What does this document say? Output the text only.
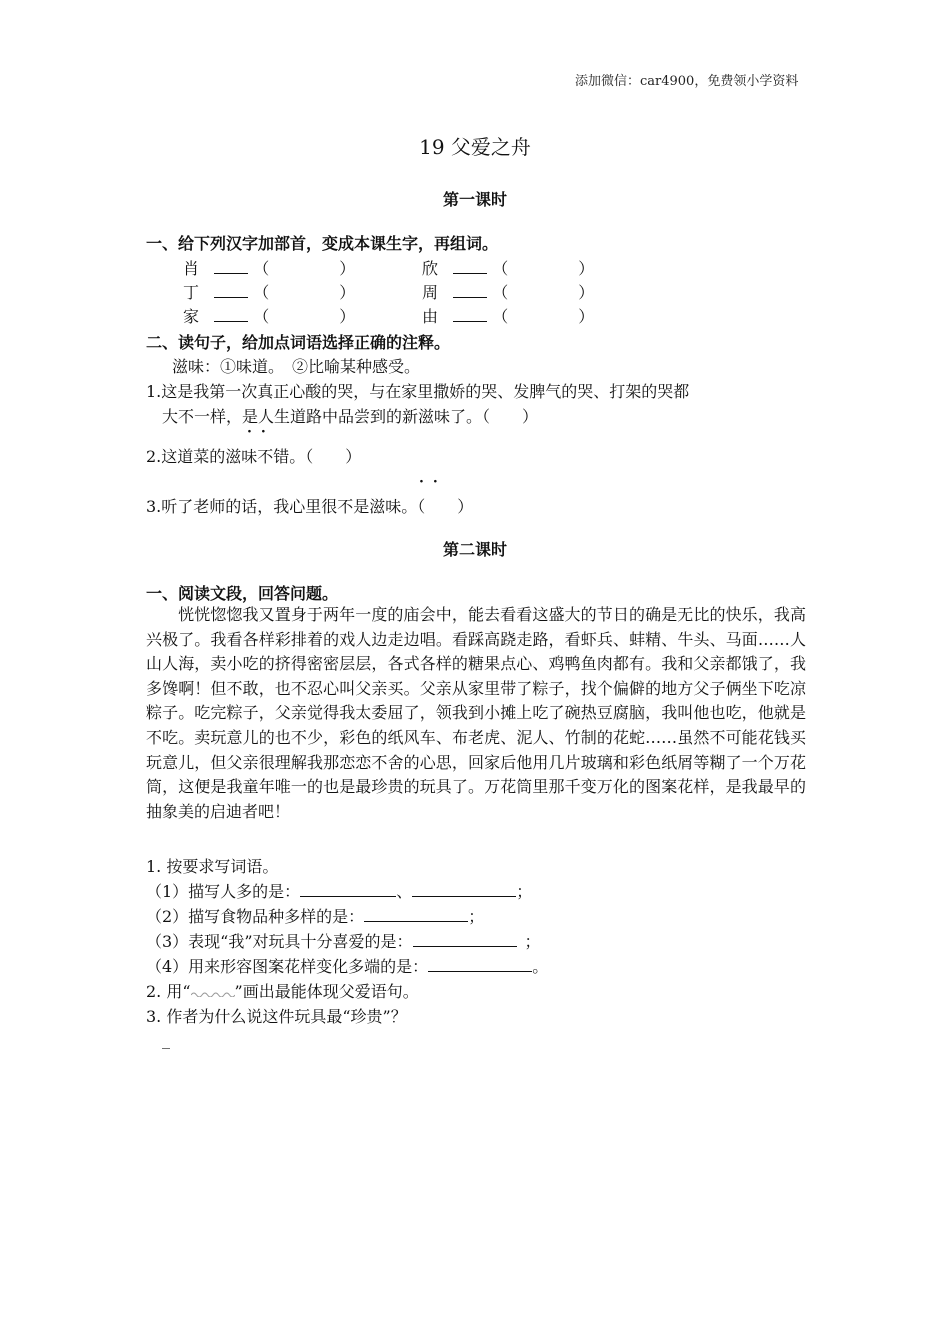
添加微信：car4900，免费领小学资料
19 父爱之舟
第一课时
一、给下列汉字加部首，变成本课生字，再组词。
肖	（	）	欣	（	）
丁	（	）	周	（	）
家	（	）	由	（	）
二、读句子，给加点词语选择正确的注释。
滋味：①味道。　②比喻某种感受。
1.这是我第一次真正心酸的哭，与在家里撒娇的哭、发脾气的哭、打架的哭都
大不一样，是人生道路中品尝到的新滋味了。（　　）
··
2.这道菜的滋味不错。（　　）
··
3.听了老师的话，我心里很不是滋味。（　　）
第二课时
一、阅读文段，回答问题。
恍恍惚惚我又置身于两年一度的庙会中，能去看看这盛大的节日的确是无比的快乐，我高兴极了。我看各样彩排着的戏人边走边唱。看踩高跷走路，看虾兵、蚌精、牛头、马面……人山人海，卖小吃的挤得密密层层，各式各样的糖果点心、鸡鸭鱼肉都有。我和父亲都饿了，我多馋啊！但不敢，也不忍心叫父亲买。父亲从家里带了粽子，找个偏僻的地方父子俩坐下吃凉粽子。吃完粽子，父亲觉得我太委屈了，领我到小摊上吃了碗热豆腐脑，我叫他也吃，他就是不吃。卖玩意儿的也不少，彩色的纸风车、布老虎、泥人、竹制的花蛇……虽然不可能花钱买玩意儿，但父亲很理解我那恋恋不舍的心思，回家后他用几片玻璃和彩色纸屑等糊了一个万花筒，这便是我童年唯一的也是最珍贵的玩具了。万花筒里那千变万化的图案花样，是我最早的抽象美的启迪者吧！
1. 按要求写词语。
（1）描写人多的是：	、	；
（2）描写食物品种多样的是：	；
（3）表现“我”对玩具十分喜爱的是：	；
（4）用来形容图案花样变化多端的是：	。
2. 用“	”画出最能体现父爱语句。
3. 作者为什么说这件玩具最“珍贵”？
_
